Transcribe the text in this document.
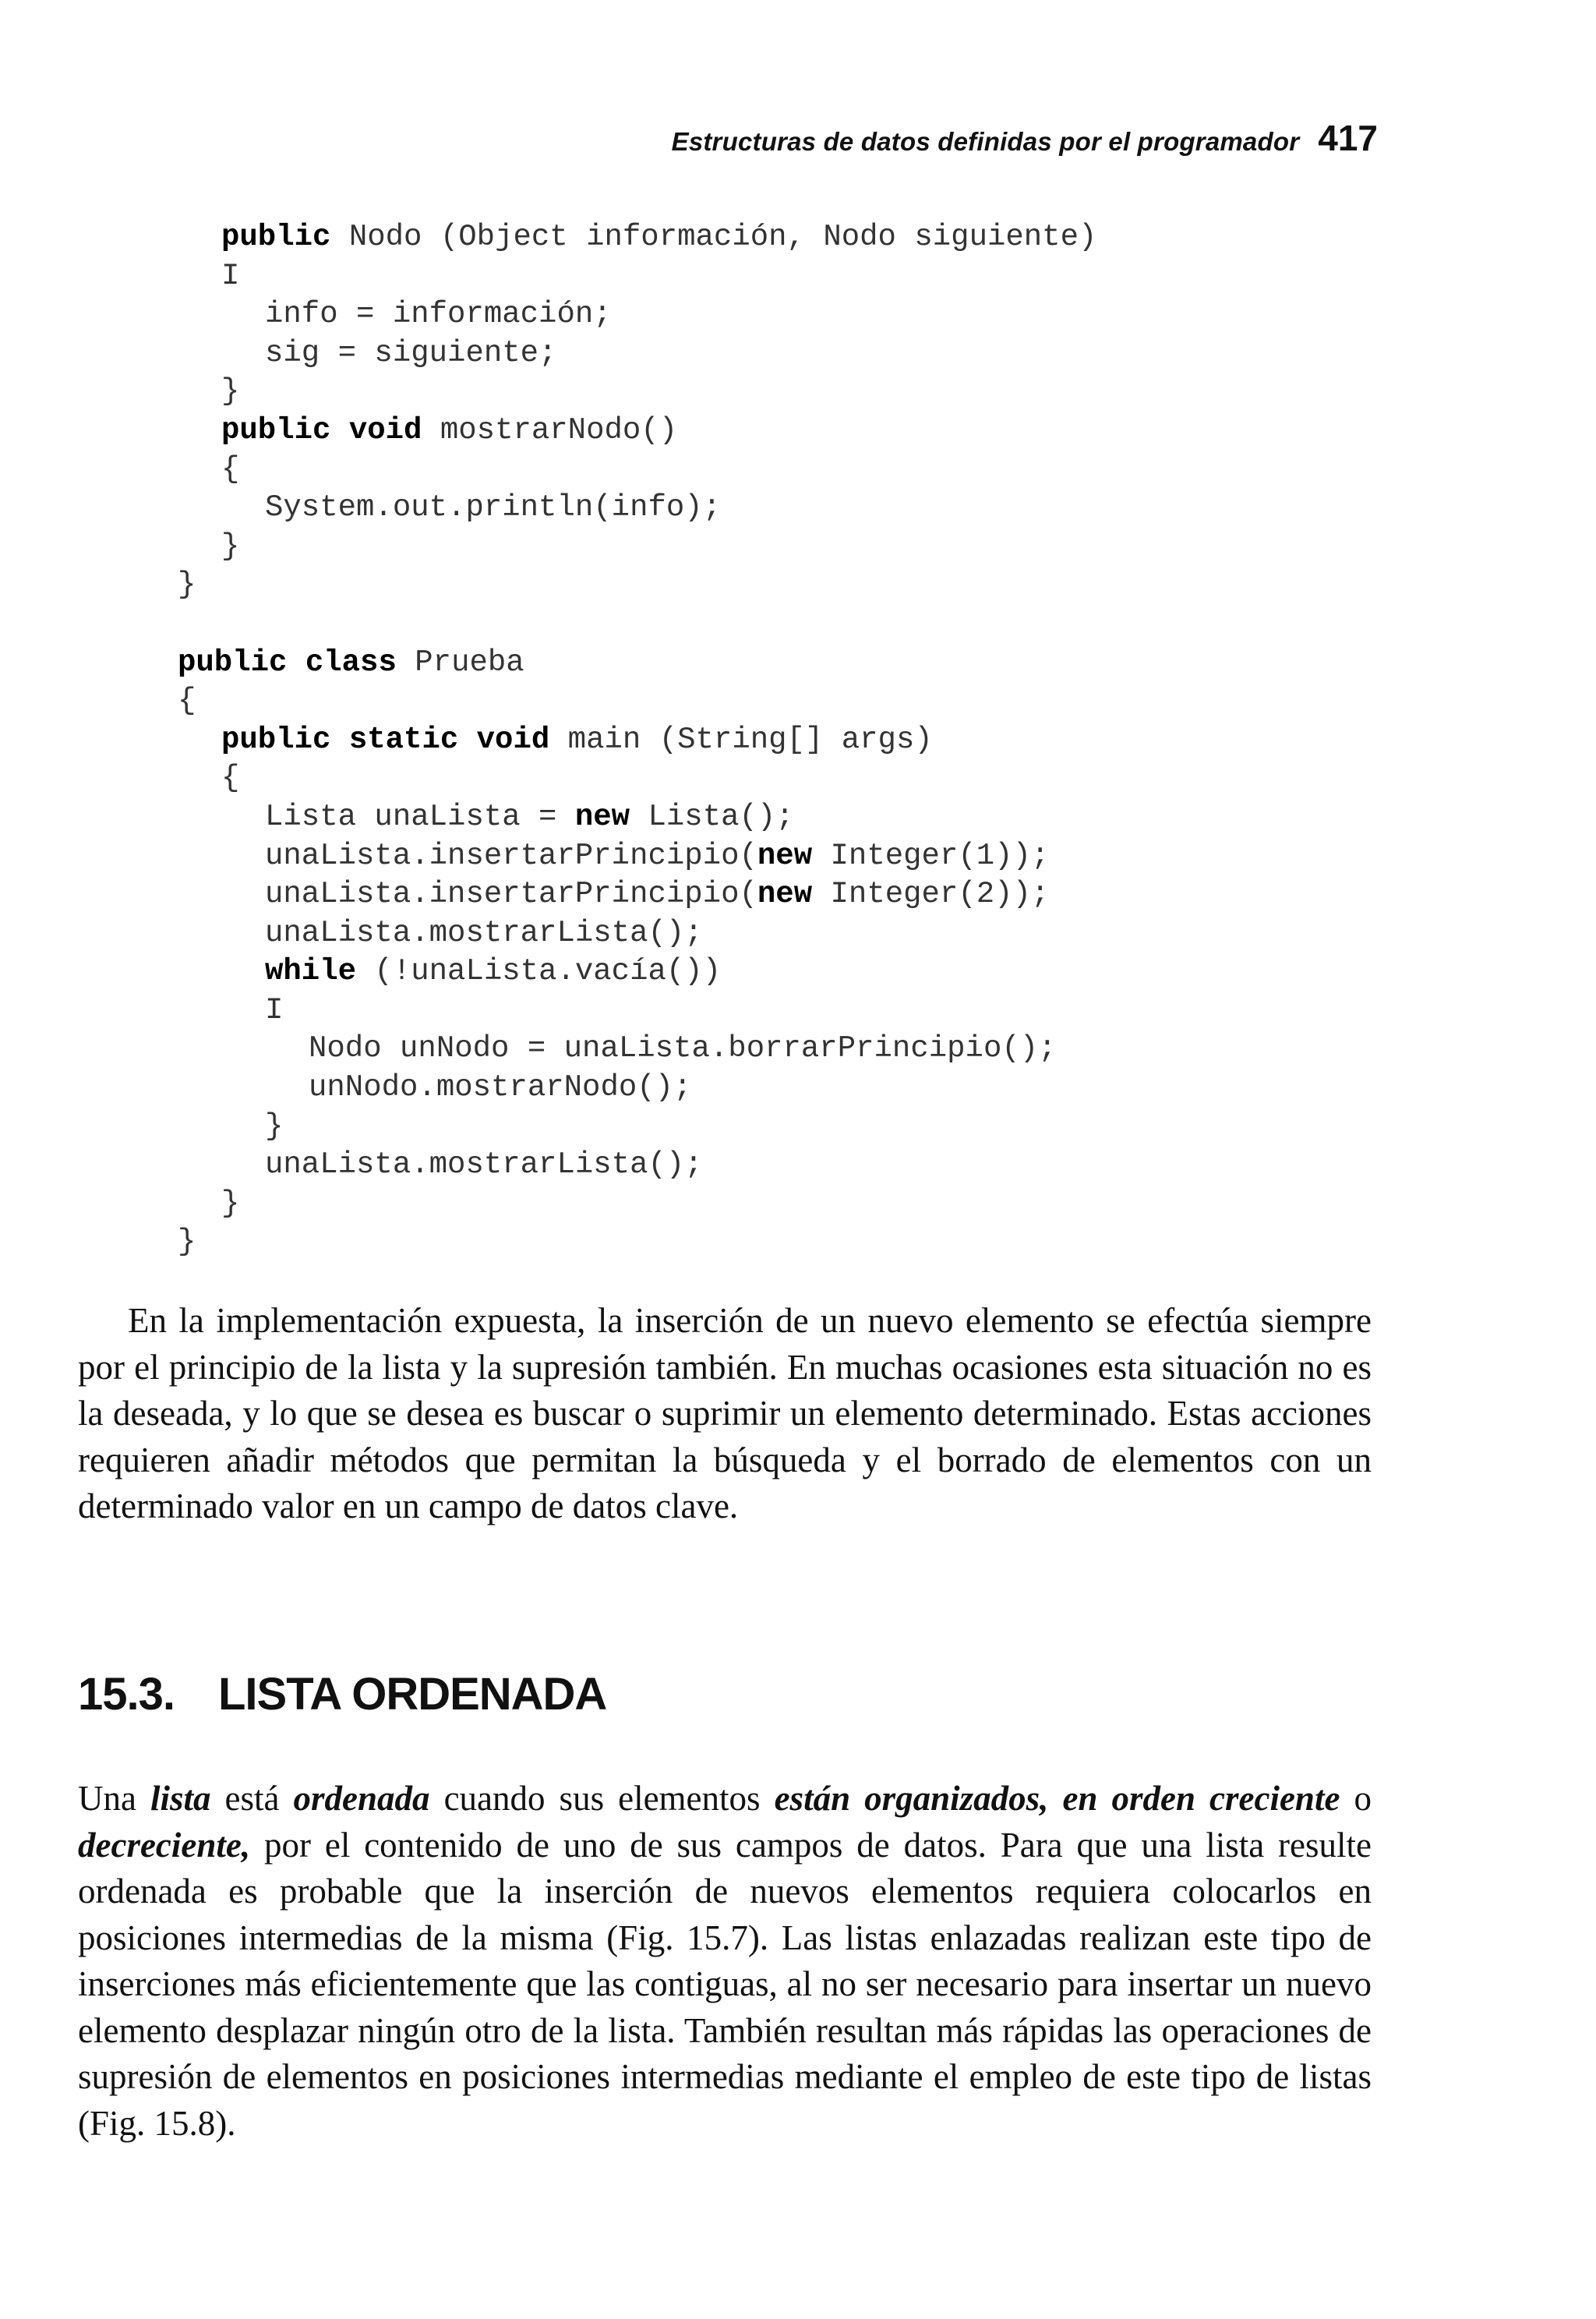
Estructuras de datos definidas por el programador 417
public Nodo (Object información, Nodo siguiente)
I
info = información;
sig = siguiente;
}
public void mostrarNodo()
{
System.out.println(info);
}
}
public class Prueba
{
public static void main (String[] args)
{
Lista unaLista = new Lista();
unaLista.insertarPrincipio(new Integer(1));
unaLista.insertarPrincipio(new Integer(2));
unaLista.mostrarLista();
while (!unaLista.vacía())
I
Nodo unNodo = unaLista.borrarPrincipio();
unNodo.mostrarNodo();
}
unaLista.mostrarLista();
}
}

En la implementación expuesta, la inserción de un nuevo elemento se efectúa siempre por el principio de la lista y la supresión también. En muchas ocasiones esta situación no es la deseada, y lo que se desea es buscar o suprimir un elemento determinado. Estas acciones requieren añadir métodos que permitan la búsqueda y el borrado de elementos con un determinado valor en un campo de datos clave.

15.3. LISTA ORDENADA

Una lista está ordenada cuando sus elementos están organizados, en orden creciente o decreciente, por el contenido de uno de sus campos de datos. Para que una lista resulte ordenada es probable que la inserción de nuevos elementos requiera colocarlos en posiciones intermedias de la misma (Fig. 15.7). Las listas enlazadas realizan este tipo de inserciones más eficientemente que las contiguas, al no ser necesario para insertar un nuevo elemento desplazar ningún otro de la lista. También resultan más rápidas las operaciones de supresión de elementos en posiciones intermedias mediante el empleo de este tipo de listas (Fig. 15.8).
